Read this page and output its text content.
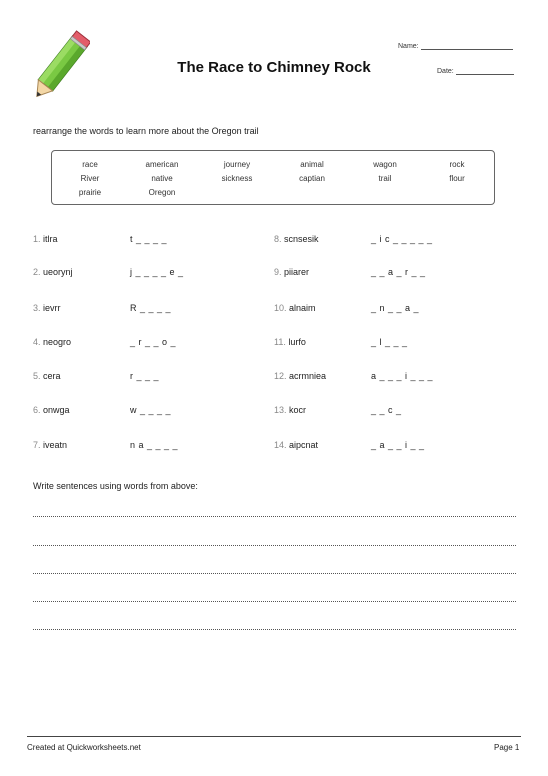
The Race to Chimney Rock
Name:
Date:
rearrange the words to learn more about the Oregon trail
race	american	journey	animal	wagon	rock
River	native	sickness	captian	trail	flour
prairie	Oregon
1. itlra	t _ _ _ _
2. ueorynj	j _ _ _ _ e _
3. ievrr	R _ _ _ _
4. neogro	_ r _ _ o _
5. cera	r _ _ _
6. onwga	w _ _ _ _
7. iveatn	n a _ _ _ _
8. scnsesik	_ i c _ _ _ _ _
9. piiarer	_ _ a _ r _ _
10. alnaim	_ n _ _ a _
11. lurfo	_ l _ _ _
12. acrmniea	a _ _ _ i _ _ _
13. kocr	_ _ c _
14. aipcnat	_ a _ _ i _ _
Write sentences using words from above:
Created at Quickworksheets.net	Page 1
